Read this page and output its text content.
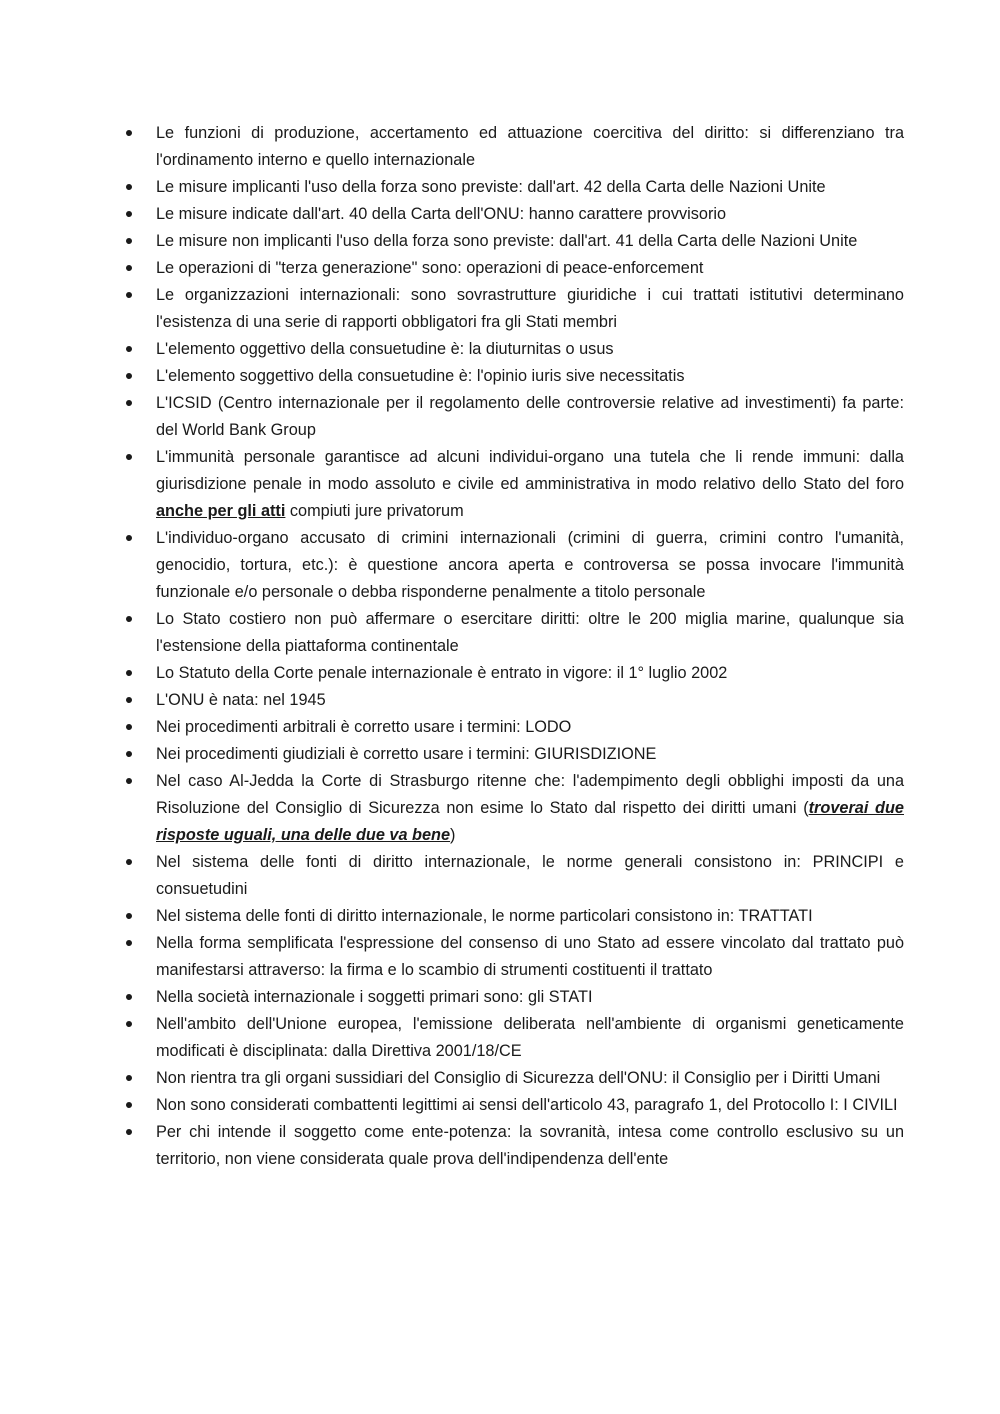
Le funzioni di produzione, accertamento ed attuazione coercitiva del diritto: si differenziano tra l'ordinamento interno e quello internazionale
Le misure implicanti l'uso della forza sono previste: dall'art. 42 della Carta delle Nazioni Unite
Le misure indicate dall'art. 40 della Carta dell'ONU: hanno carattere provvisorio
Le misure non implicanti l'uso della forza sono previste: dall'art. 41 della Carta delle Nazioni Unite
Le operazioni di "terza generazione" sono: operazioni di peace-enforcement
Le organizzazioni internazionali: sono sovrastrutture giuridiche i cui trattati istitutivi determinano l'esistenza di una serie di rapporti obbligatori fra gli Stati membri
L'elemento oggettivo della consuetudine è: la diuturnitas o usus
L'elemento soggettivo della consuetudine è: l'opinio iuris sive necessitatis
L'ICSID (Centro internazionale per il regolamento delle controversie relative ad investimenti) fa parte: del World Bank Group
L'immunità personale garantisce ad alcuni individui-organo una tutela che li rende immuni: dalla giurisdizione penale in modo assoluto e civile ed amministrativa in modo relativo dello Stato del foro anche per gli atti compiuti jure privatorum
L'individuo-organo accusato di crimini internazionali (crimini di guerra, crimini contro l'umanità, genocidio, tortura, etc.): è questione ancora aperta e controversa se possa invocare l'immunità funzionale e/o personale o debba risponderne penalmente a titolo personale
Lo Stato costiero non può affermare o esercitare diritti: oltre le 200 miglia marine, qualunque sia l'estensione della piattaforma continentale
Lo Statuto della Corte penale internazionale è entrato in vigore: il 1° luglio 2002
L'ONU è nata: nel 1945
Nei procedimenti arbitrali è corretto usare i termini: LODO
Nei procedimenti giudiziali è corretto usare i termini: GIURISDIZIONE
Nel caso Al-Jedda la Corte di Strasburgo ritenne che: l'adempimento degli obblighi imposti da una Risoluzione del Consiglio di Sicurezza non esime lo Stato dal rispetto dei diritti umani (troverai due risposte uguali, una delle due va bene)
Nel sistema delle fonti di diritto internazionale, le norme generali consistono in: PRINCIPI e consuetudini
Nel sistema delle fonti di diritto internazionale, le norme particolari consistono in: TRATTATI
Nella forma semplificata l'espressione del consenso di uno Stato ad essere vincolato dal trattato può manifestarsi attraverso: la firma e lo scambio di strumenti costituenti il trattato
Nella società internazionale i soggetti primari sono: gli STATI
Nell'ambito dell'Unione europea, l'emissione deliberata nell'ambiente di organismi geneticamente modificati è disciplinata: dalla Direttiva 2001/18/CE
Non rientra tra gli organi sussidiari del Consiglio di Sicurezza dell'ONU: il Consiglio per i Diritti Umani
Non sono considerati combattenti legittimi ai sensi dell'articolo 43, paragrafo 1, del Protocollo I: I CIVILI
Per chi intende il soggetto come ente-potenza: la sovranità, intesa come controllo esclusivo su un territorio, non viene considerata quale prova dell'indipendenza dell'ente
